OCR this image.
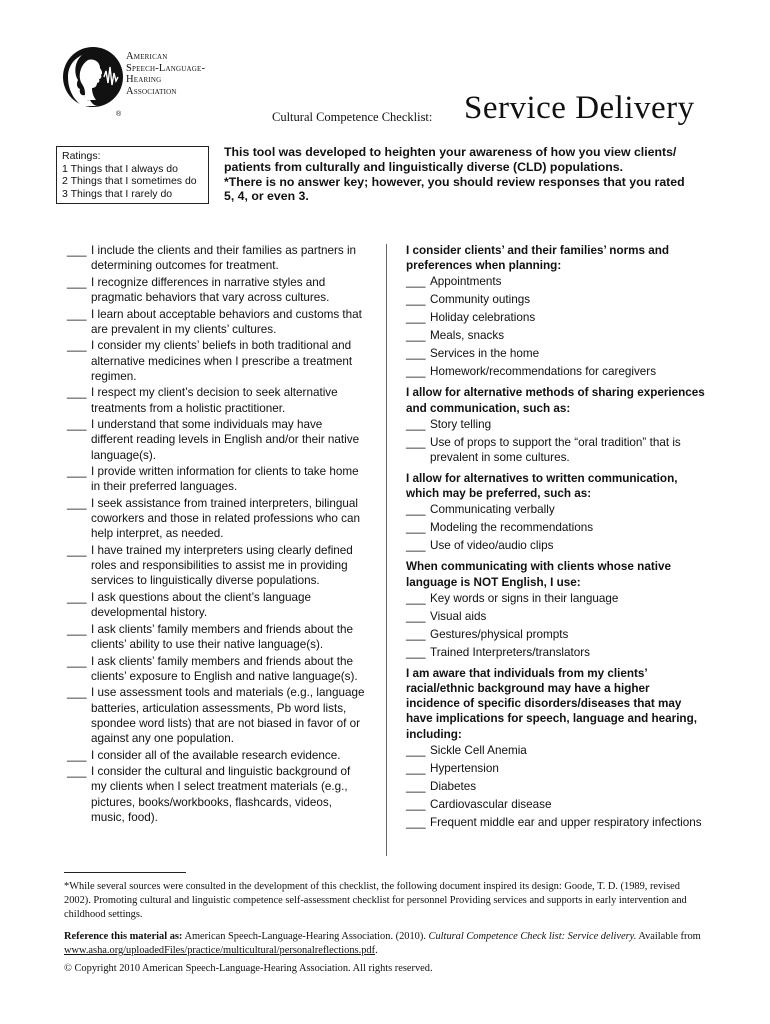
American
Speech-Language-
Hearing
Association
®	Cultural Competence Checklist: Service Delivery
Ratings:
1 Things that I always do
2 Things that I sometimes do
3 Things that I rarely do
This tool was developed to heighten your awareness of how you view clients/
patients from culturally and linguistically diverse (CLD) populations.
*There is no answer key; however, you should review responses that you rated
5, 4, or even 3.
___ I include the clients and their families as partners in determining outcomes for treatment.
___ I recognize differences in narrative styles and pragmatic behaviors that vary across cultures.
___ I learn about acceptable behaviors and customs that are prevalent in my clients’ cultures.
___ I consider my clients’ beliefs in both traditional and alternative medicines when I prescribe a treatment regimen.
___ I respect my client’s decision to seek alternative treatments from a holistic practitioner.
___ I understand that some individuals may have different reading levels in English and/or their native language(s).
___ I provide written information for clients to take home in their preferred languages.
___ I seek assistance from trained interpreters, bilingual coworkers and those in related professions who can help interpret, as needed.
___ I have trained my interpreters using clearly defined roles and responsibilities to assist me in providing services to linguistically diverse populations.
___ I ask questions about the client’s language developmental history.
___ I ask clients’ family members and friends about the clients’ ability to use their native language(s).
___ I ask clients’ family members and friends about the clients’ exposure to English and native language(s).
___ I use assessment tools and materials (e.g., language batteries, articulation assessments, Pb word lists, spondee word lists) that are not biased in favor of or against any one population.
___ I consider all of the available research evidence.
___ I consider the cultural and linguistic background of my clients when I select treatment materials (e.g., pictures, books/workbooks, flashcards, videos, music, food).
I consider clients’ and their families’ norms and preferences when planning:
___ Appointments
___ Community outings
___ Holiday celebrations
___ Meals, snacks
___ Services in the home
___ Homework/recommendations for caregivers
I allow for alternative methods of sharing experiences and communication, such as:
___ Story telling
___ Use of props to support the “oral tradition” that is prevalent in some cultures.
I allow for alternatives to written communication, which may be preferred, such as:
___ Communicating verbally
___ Modeling the recommendations
___ Use of video/audio clips
When communicating with clients whose native language is NOT English, I use:
___ Key words or signs in their language
___ Visual aids
___ Gestures/physical prompts
___ Trained Interpreters/translators
I am aware that individuals from my clients’ racial/ethnic background may have a higher incidence of specific disorders/diseases that may have implications for speech, language and hearing, including:
___ Sickle Cell Anemia
___ Hypertension
___ Diabetes
___ Cardiovascular disease
___ Frequent middle ear and upper respiratory infections
*While several sources were consulted in the development of this checklist, the following document inspired its design: Goode, T. D. (1989, revised 2002). Promoting cultural and linguistic competence self-assessment checklist for personnel Providing services and supports in early intervention and childhood settings.
Reference this material as: American Speech-Language-Hearing Association. (2010). Cultural Competence Check list: Service delivery. Available from www.asha.org/uploadedFiles/practice/multicultural/personalreflections.pdf.
© Copyright 2010 American Speech-Language-Hearing Association. All rights reserved.
